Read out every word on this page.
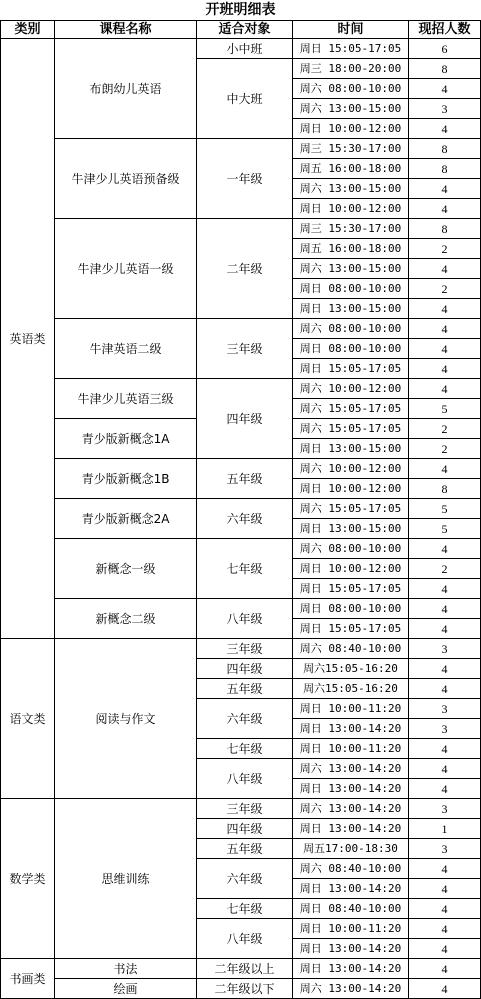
开班明细表
类别	课程名称	适合对象	时间	现招人数
英语类	布朗幼儿英语	小中班	周日 15:05-17:05	6
		中大班	周三 18:00-20:00	8
			周六 08:00-10:00	4
			周六 13:00-15:00	3
			周日 10:00-12:00	4
	牛津少儿英语预备级	一年级	周三 15:30-17:00	8
			周五 16:00-18:00	8
			周六 13:00-15:00	4
			周日 10:00-12:00	4
	牛津少儿英语一级	二年级	周三 15:30-17:00	8
			周五 16:00-18:00	2
			周六 13:00-15:00	4
			周日 08:00-10:00	2
			周日 13:00-15:00	4
	牛津英语二级	三年级	周六 08:00-10:00	4
			周日 08:00-10:00	4
			周日 15:05-17:05	4
	牛津少儿英语三级	四年级	周六 10:00-12:00	4
			周六 15:05-17:05	5
	青少版新概念1A		周六 15:05-17:05	2
			周日 13:00-15:00	2
	青少版新概念1B	五年级	周六 10:00-12:00	4
			周日 10:00-12:00	8
	青少版新概念2A	六年级	周六 15:05-17:05	5
			周日 13:00-15:00	5
	新概念一级	七年级	周六 08:00-10:00	4
			周日 10:00-12:00	2
			周日 15:05-17:05	4
	新概念二级	八年级	周日 08:00-10:00	4
			周日 15:05-17:05	4
语文类	阅读与作文	三年级	周六 08:40-10:00	3
		四年级	周六15:05-16:20	4
		五年级	周六15:05-16:20	4
		六年级	周日 10:00-11:20	3
			周日 13:00-14:20	3
		七年级	周日 10:00-11:20	4
		八年级	周六 13:00-14:20	4
			周日 13:00-14:20	4
数学类	思维训练	三年级	周六 13:00-14:20	3
		四年级	周日 13:00-14:20	1
		五年级	周五17:00-18:30	3
		六年级	周六 08:40-10:00	4
			周日 13:00-14:20	4
		七年级	周日 08:40-10:00	4
		八年级	周日 10:00-11:20	4
			周日 13:00-14:20	4
书画类	书法	二年级以上	周日 13:00-14:20	4
	绘画	二年级以下	周六 13:00-14:20	4
